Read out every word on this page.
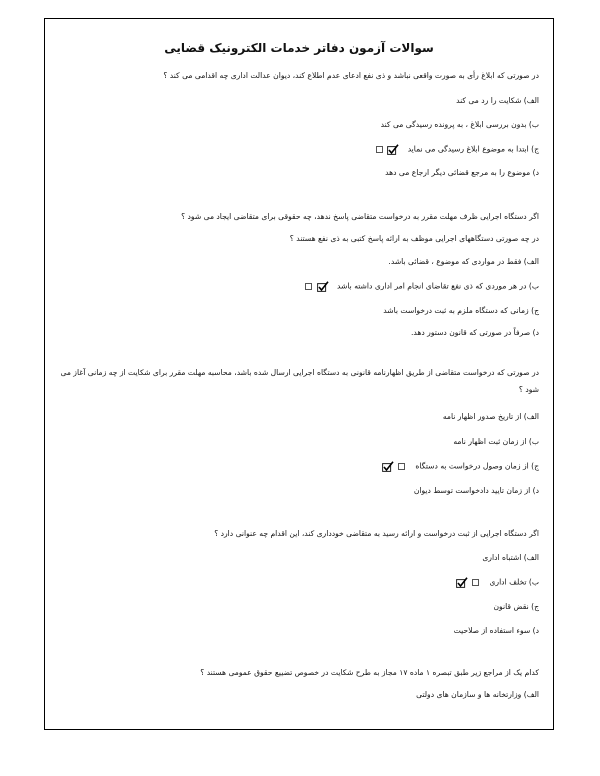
سوالات آزمون دفاتر خدمات الکترونیک قضایی
در صورتی که ابلاغ رأی به صورت واقعی نباشد و ذی نفع ادعای عدم اطلاع کند، دیوان عدالت اداری چه اقدامی می کند ؟
الف) شکایت را رد می کند
ب) بدون بررسی ابلاغ ، به پرونده رسیدگی می کند
ج) ابتدا به موضوع ابلاغ رسیدگی می نماید
د) موضوع را به مرجع قضائی دیگر ارجاع می دهد
اگر دستگاه اجرایی ظرف مهلت مقرر به درخواست متقاضی پاسخ ندهد، چه حقوقی برای متقاضی ایجاد می شود ؟
در چه صورتی دستگاههای اجرایی موظف به ارائه پاسخ کتبی به ذی نفع هستند ؟
الف) فقط در مواردی که موضوع ، قضائی باشد.
ب) در هر موردی که ذی نفع تقاضای انجام امر اداری داشته باشد
ج) زمانی که دستگاه ملزم به ثبت درخواست باشد
د) صرفاً در صورتی که قانون دستور دهد.
در صورتی که درخواست متقاضی از طریق اظهارنامه قانونی به دستگاه اجرایی ارسال شده باشد، محاسبه مهلت مقرر برای شکایت از چه زمانی آغاز می شود ؟
الف) از تاریخ صدور اظهار نامه
ب) از زمان ثبت اظهار نامه
ج) از زمان وصول درخواست به دستگاه
د) از زمان تایید دادخواست توسط دیوان
اگر دستگاه اجرایی از ثبت درخواست و ارائه رسید به متقاضی خودداری کند، این اقدام چه عنوانی دارد ؟
الف) اشتباه اداری
ب) تخلف اداری
ج) نقض قانون
د) سوء استفاده از صلاحیت
کدام یک از مراجع زیر طبق تبصره ۱ ماده ۱۷ مجاز به طرح شکایت در خصوص تضییع حقوق عمومی هستند ؟
الف) وزارتخانه ها و سازمان های دولتی
